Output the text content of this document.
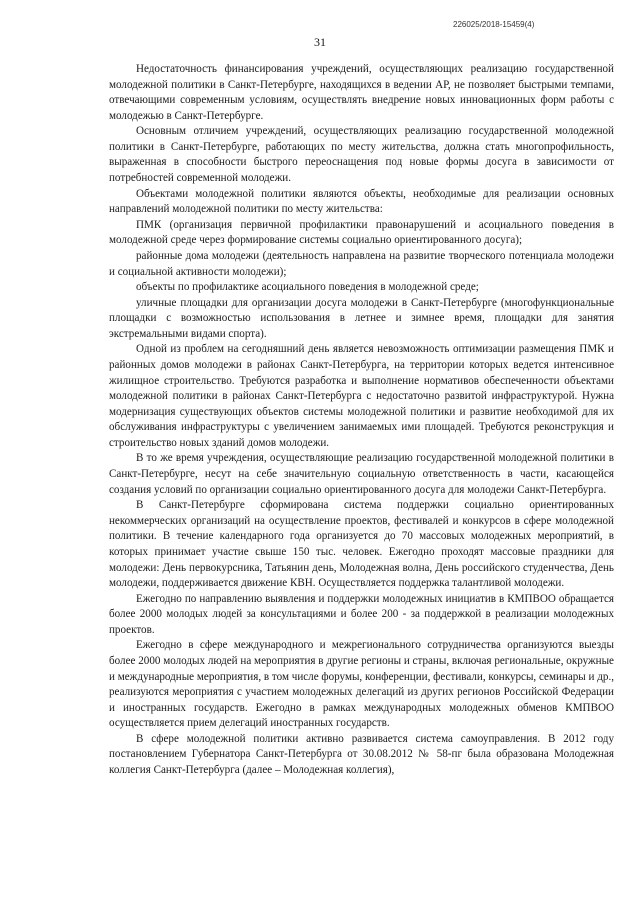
226025/2018-15459(4)
31

Недостаточность финансирования учреждений, осуществляющих реализацию государственной молодежной политики в Санкт-Петербурге, находящихся в ведении АР, не позволяет быстрыми темпами, отвечающими современным условиям, осуществлять внедрение новых инновационных форм работы с молодежью в Санкт-Петербурге.

Основным отличием учреждений, осуществляющих реализацию государственной молодежной политики в Санкт-Петербурге, работающих по месту жительства, должна стать многопрофильность, выраженная в способности быстрого переоснащения под новые формы досуга в зависимости от потребностей современной молодежи.

Объектами молодежной политики являются объекты, необходимые для реализации основных направлений молодежной политики по месту жительства:

ПМК (организация первичной профилактики правонарушений и асоциального поведения в молодежной среде через формирование системы социально ориентированного досуга);

районные дома молодежи (деятельность направлена на развитие творческого потенциала молодежи и социальной активности молодежи);

объекты по профилактике асоциального поведения в молодежной среде;

уличные площадки для организации досуга молодежи в Санкт-Петербурге (многофункциональные площадки с возможностью использования в летнее и зимнее время, площадки для занятия экстремальными видами спорта).

Одной из проблем на сегодняшний день является невозможность оптимизации размещения ПМК и районных домов молодежи в районах Санкт-Петербурга, на территории которых ведется интенсивное жилищное строительство. Требуются разработка и выполнение нормативов обеспеченности объектами молодежной политики в районах Санкт-Петербурга с недостаточно развитой инфраструктурой. Нужна модернизация существующих объектов системы молодежной политики и развитие необходимой для их обслуживания инфраструктуры с увеличением занимаемых ими площадей. Требуются реконструкция и строительство новых зданий домов молодежи.

В то же время учреждения, осуществляющие реализацию государственной молодежной политики в Санкт-Петербурге, несут на себе значительную социальную ответственность в части, касающейся создания условий по организации социально ориентированного досуга для молодежи Санкт-Петербурга.

В Санкт-Петербурге сформирована система поддержки социально ориентированных некоммерческих организаций на осуществление проектов, фестивалей и конкурсов в сфере молодежной политики. В течение календарного года организуется до 70 массовых молодежных мероприятий, в которых принимает участие свыше 150 тыс. человек. Ежегодно проходят массовые праздники для молодежи: День первокурсника, Татьянин день, Молодежная волна, День российского студенчества, День молодежи, поддерживается движение КВН. Осуществляется поддержка талантливой молодежи.

Ежегодно по направлению выявления и поддержки молодежных инициатив в КМПВОО обращается более 2000 молодых людей за консультациями и более 200 - за поддержкой в реализации молодежных проектов.

Ежегодно в сфере международного и межрегионального сотрудничества организуются выезды более 2000 молодых людей на мероприятия в другие регионы и страны, включая региональные, окружные и международные мероприятия, в том числе форумы, конференции, фестивали, конкурсы, семинары и др., реализуются мероприятия с участием молодежных делегаций из других регионов Российской Федерации и иностранных государств. Ежегодно в рамках международных молодежных обменов КМПВОО осуществляется прием делегаций иностранных государств.

В сфере молодежной политики активно развивается система самоуправления. В 2012 году постановлением Губернатора Санкт-Петербурга от 30.08.2012 № 58-пг была образована Молодежная коллегия Санкт-Петербурга (далее – Молодежная коллегия),
